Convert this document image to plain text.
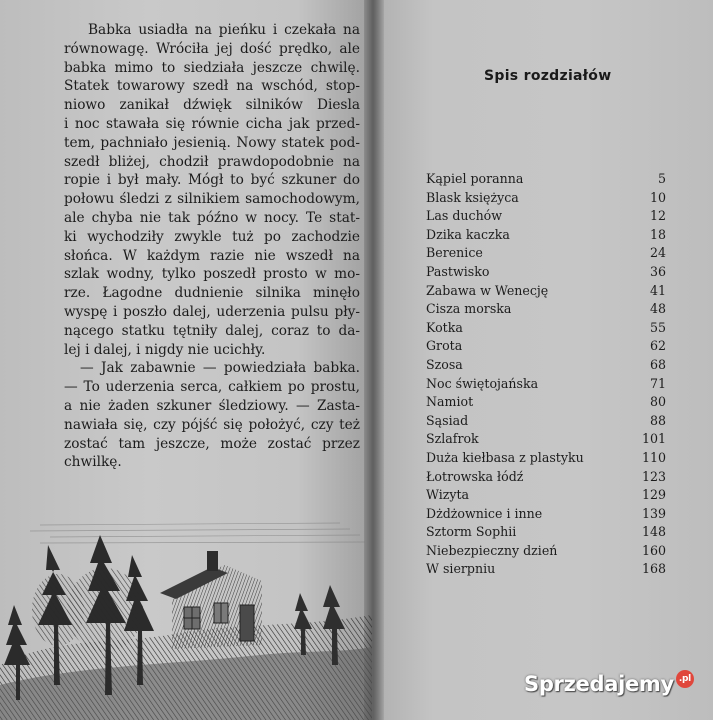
Babka usiadła na pieńku i czekała na
równowagę. Wróciła jej dość prędko, ale
babka mimo to siedziała jeszcze chwilę.
Statek towarowy szedł na wschód, stop-
niowo zanikał dźwięk silników Diesla
i noc stawała się równie cicha jak przed-
tem, pachniało jesienią. Nowy statek pod-
szedł bliżej, chodził prawdopodobnie na
ropie i był mały. Mógł to być szkuner do
połowu śledzi z silnikiem samochodowym,
ale chyba nie tak późno w nocy. Te stat-
ki wychodziły zwykle tuż po zachodzie
słońca. W każdym razie nie wszedł na
szlak wodny, tylko poszedł prosto w mo-
rze. Łagodne dudnienie silnika minęło
wyspę i poszło dalej, uderzenia pulsu pły-
nącego statku tętniły dalej, coraz to da-
lej i dalej, i nigdy nie ucichły.
— Jak zabawnie — powiedziała babka.
— To uderzenia serca, całkiem po prostu,
a nie żaden szkuner śledziowy. — Zasta-
nawiała się, czy pójść się położyć, czy też
zostać tam jeszcze, może zostać przez
chwilkę.
Spis rozdziałów
Kąpiel poranna	5
Blask księżyca	10
Las duchów	12
Dzika kaczka	18
Berenice	24
Pastwisko	36
Zabawa w Wenecję	41
Cisza morska	48
Kotka	55
Grota	62
Szosa	68
Noc świętojańska	71
Namiot	80
Sąsiad	88
Szlafrok	101
Duża kiełbasa z plastyku	110
Łotrowska łódź	123
Wizyta	129
Dżdżownice i inne	139
Sztorm Sophii	148
Niebezpieczny dzień	160
W sierpniu	168
Sprzedajemy .pl
